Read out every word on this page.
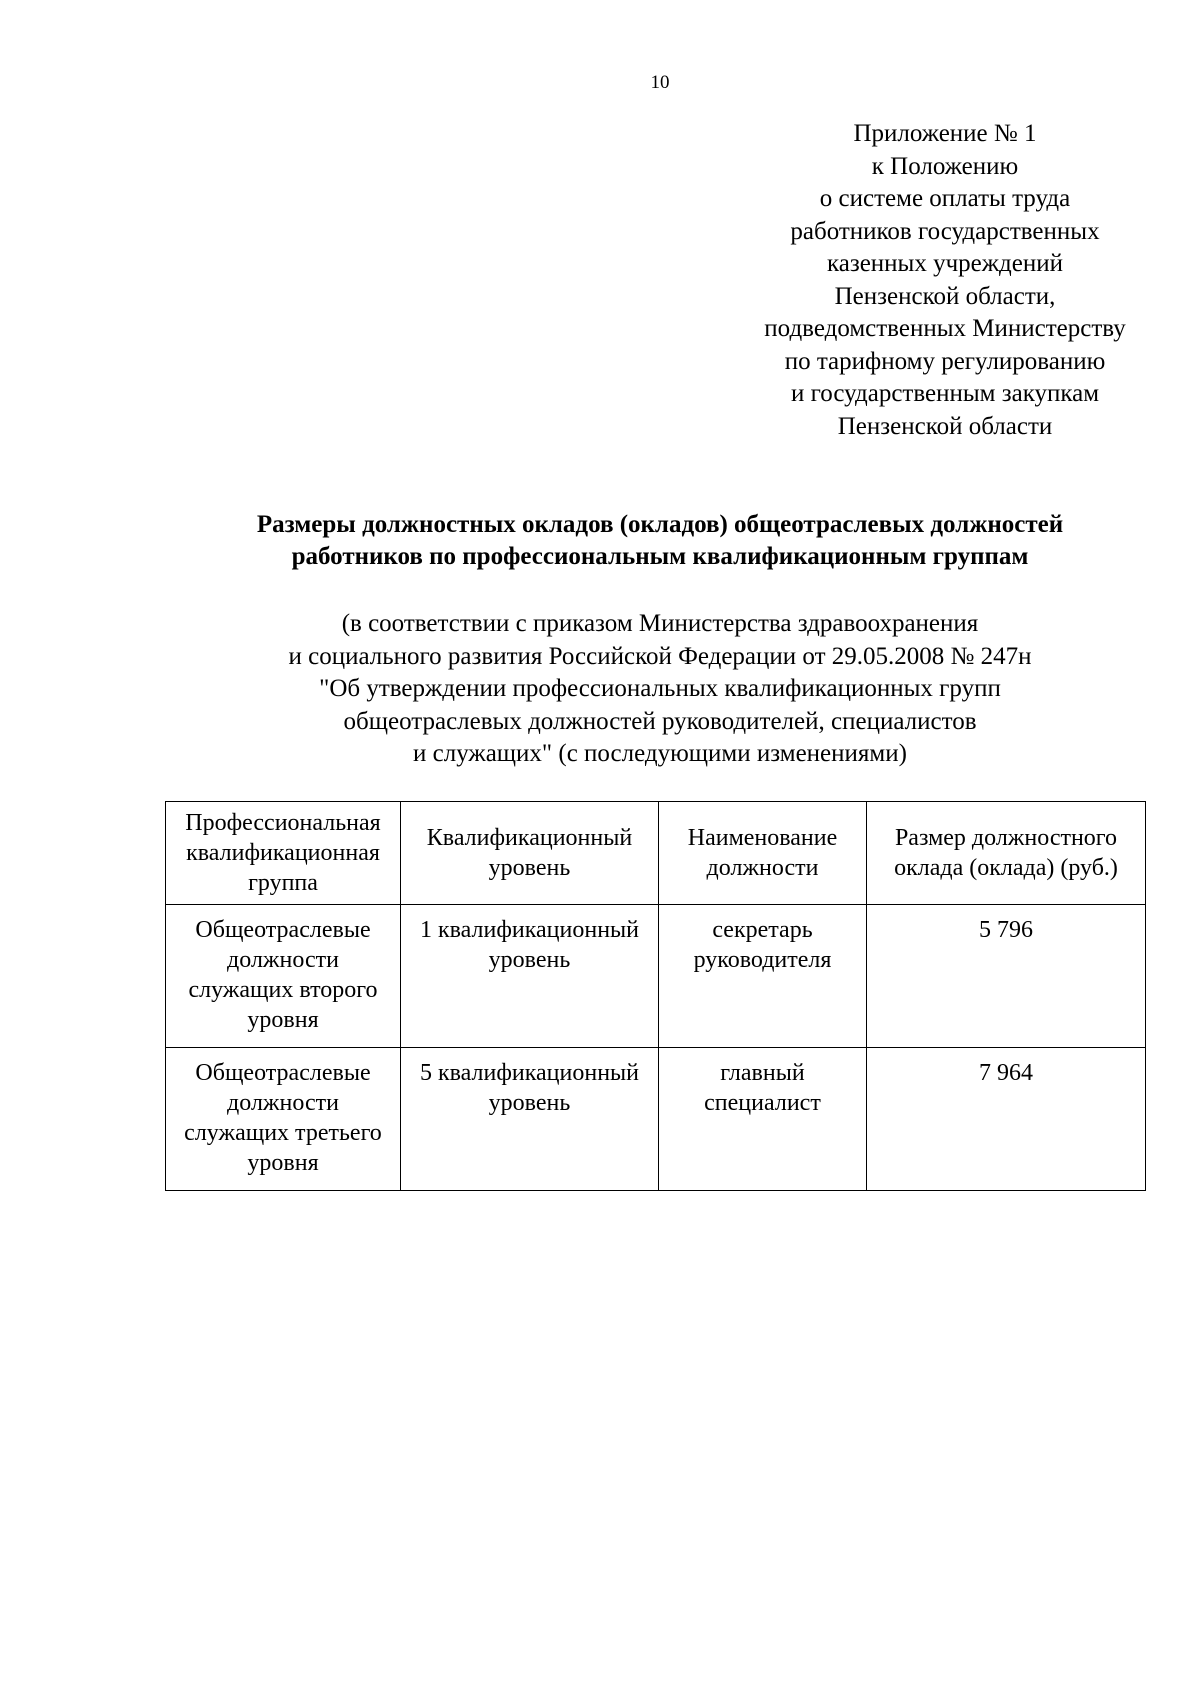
10
Приложение № 1
к Положению
о системе оплаты труда
работников государственных
казенных учреждений
Пензенской области,
подведомственных Министерству
по тарифному регулированию
и государственным закупкам
Пензенской области
Размеры должностных окладов (окладов) общеотраслевых должностей
работников по профессиональным квалификационным группам
(в соответствии с приказом Министерства здравоохранения
и социального развития Российской Федерации от 29.05.2008 № 247н
"Об утверждении профессиональных квалификационных групп
общеотраслевых должностей руководителей, специалистов
и служащих" (с последующими изменениями)
Профессиональная квалификационная группа	Квалификационный уровень	Наименование должности	Размер должностного оклада (оклада) (руб.)
Общеотраслевые должности служащих второго уровня	1 квалификационный уровень	секретарь руководителя	5 796
Общеотраслевые должности служащих третьего уровня	5 квалификационный уровень	главный специалист	7 964
